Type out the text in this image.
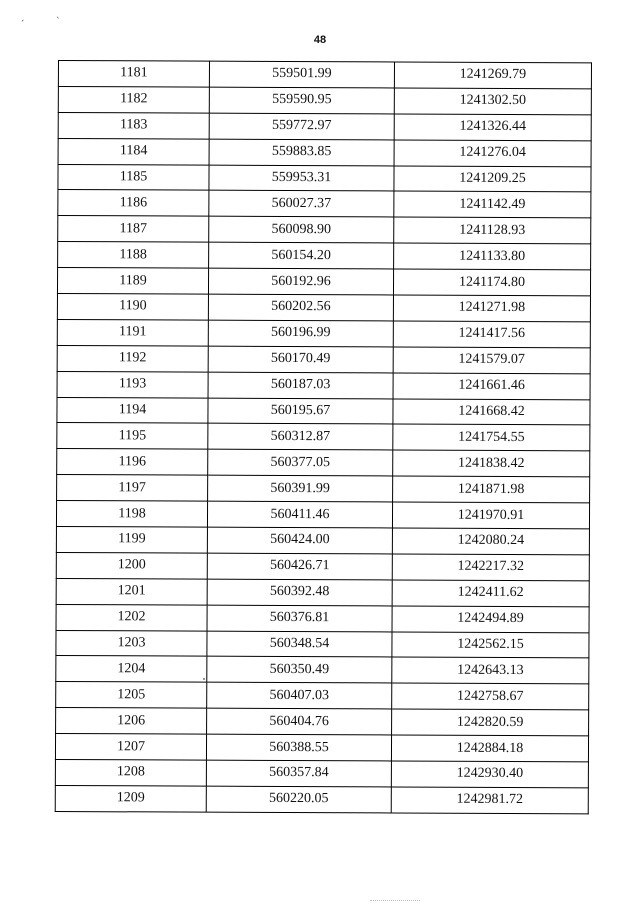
ˊ	ˋ
48
1181	559501.99	1241269.79
1182	559590.95	1241302.50
1183	559772.97	1241326.44
1184	559883.85	1241276.04
1185	559953.31	1241209.25
1186	560027.37	1241142.49
1187	560098.90	1241128.93
1188	560154.20	1241133.80
1189	560192.96	1241174.80
1190	560202.56	1241271.98
1191	560196.99	1241417.56
1192	560170.49	1241579.07
1193	560187.03	1241661.46
1194	560195.67	1241668.42
1195	560312.87	1241754.55
1196	560377.05	1241838.42
1197	560391.99	1241871.98
1198	560411.46	1241970.91
1199	560424.00	1242080.24
1200	560426.71	1242217.32
1201	560392.48	1242411.62
1202	560376.81	1242494.89
1203	560348.54	1242562.15
1204	560350.49	1242643.13
1205	560407.03	1242758.67
1206	560404.76	1242820.59
1207	560388.55	1242884.18
1208	560357.84	1242930.40
1209	560220.05	1242981.72
